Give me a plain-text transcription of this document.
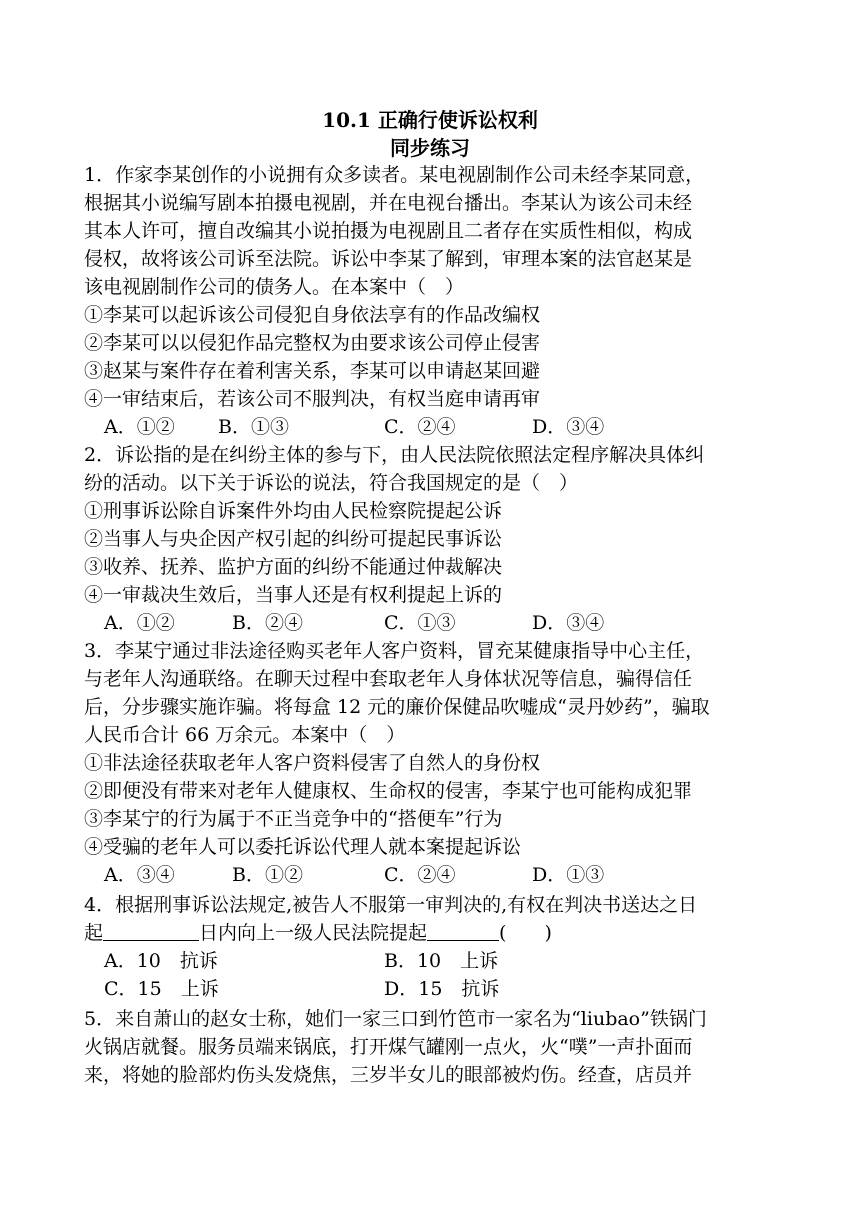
10.1 正确行使诉讼权利
同步练习
1．作家李某创作的小说拥有众多读者。某电视剧制作公司未经李某同意，
根据其小说编写剧本拍摄电视剧，并在电视台播出。李某认为该公司未经
其本人许可，擅自改编其小说拍摄为电视剧且二者存在实质性相似，构成
侵权，故将该公司诉至法院。诉讼中李某了解到，审理本案的法官赵某是
该电视剧制作公司的债务人。在本案中（　）
①李某可以起诉该公司侵犯自身依法享有的作品改编权
②李某可以以侵犯作品完整权为由要求该公司停止侵害
③赵某与案件存在着利害关系，李某可以申请赵某回避
④一审结束后，若该公司不服判决，有权当庭申请再审
A．①② B．①③	C．②④	D．③④
2．诉讼指的是在纠纷主体的参与下，由人民法院依照法定程序解决具体纠
纷的活动。以下关于诉讼的说法，符合我国规定的是（　）
①刑事诉讼除自诉案件外均由人民检察院提起公诉
②当事人与央企因产权引起的纠纷可提起民事诉讼
③收养、抚养、监护方面的纠纷不能通过仲裁解决
④一审裁决生效后，当事人还是有权利提起上诉的
A．①②	B．②④	C．①③	D．③④
3．李某宁通过非法途径购买老年人客户资料，冒充某健康指导中心主任，
与老年人沟通联络。在聊天过程中套取老年人身体状况等信息，骗得信任
后，分步骤实施诈骗。将每盒 12 元的廉价保健品吹嘘成“灵丹妙药”，骗取
人民币合计 66 万余元。本案中（　）
①非法途径获取老年人客户资料侵害了自然人的身份权
②即便没有带来对老年人健康权、生命权的侵害，李某宁也可能构成犯罪
③李某宁的行为属于不正当竞争中的“搭便车”行为
④受骗的老年人可以委托诉讼代理人就本案提起诉讼
A．③④	B．①②	C．②④	D．①③
4．根据刑事诉讼法规定,被告人不服第一审判决的,有权在判决书送达之日
起	日内向上一级人民法院提起	(　　)
A．10　抗诉	B．10　上诉
C．15　上诉	D．15　抗诉
5．来自萧山的赵女士称，她们一家三口到竹笆市一家名为“liubao”铁锅门
火锅店就餐。服务员端来锅底，打开煤气罐刚一点火，火“噗”一声扑面而
来，将她的脸部灼伤头发烧焦，三岁半女儿的眼部被灼伤。经查，店员并
